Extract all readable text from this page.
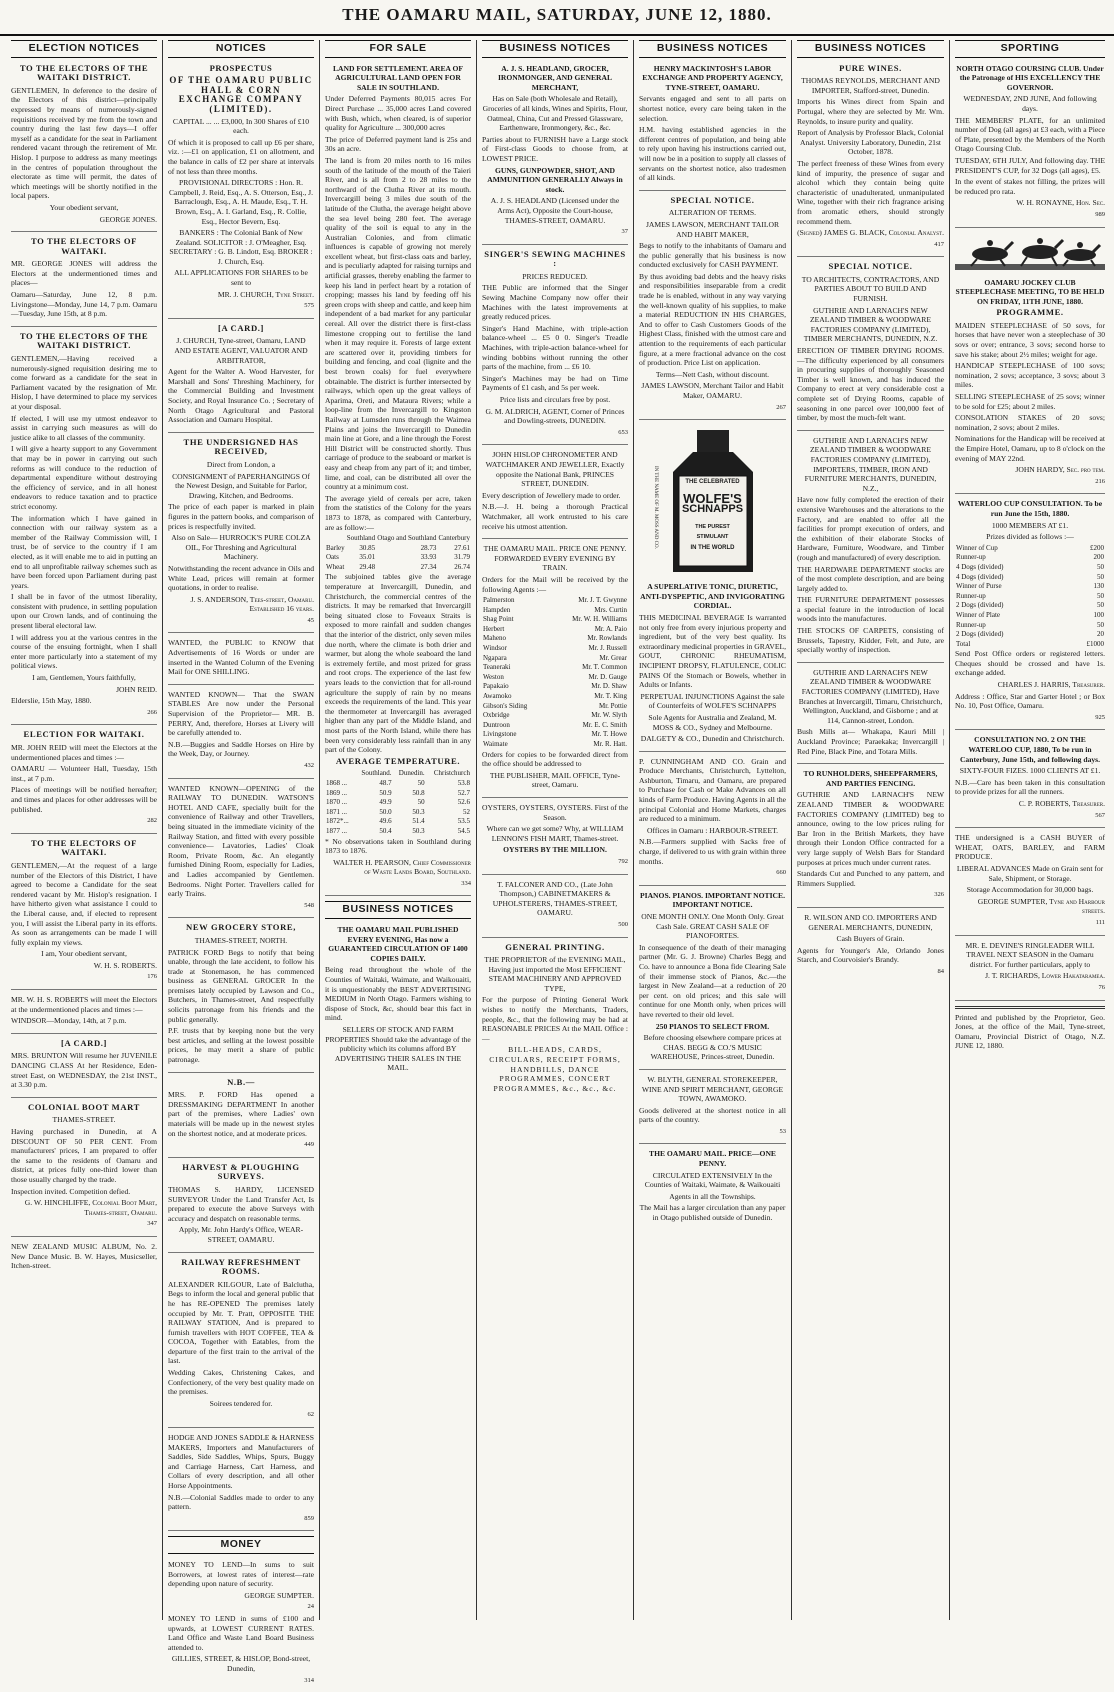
THE OAMARU MAIL, SATURDAY, JUNE 12, 1880.
ELECTION NOTICES
TO THE ELECTORS OF THE WAITAKI DISTRICT.

GENTLEMEN, In deference to the desire of the Electors of this district—principally expressed by means of numerously-signed requisitions received by me from the town and country during the last few days—I offer myself as a candidate for the seat in Parliament rendered vacant through the retirement of Mr. Hislop. I purpose to address as many meetings in the centres of population throughout the electorate as time will permit, the dates of which meetings will be shortly notified in the local papers.

Your obedient servant,

GEORGE JONES.

TO THE ELECTORS OF WAITAKI.

MR. GEORGE JONES will address the Electors at the undermentioned times and places—

Oamaru—Saturday, June 12, 8 p.m. Livingstone—Monday, June 14, 7 p.m. Oamaru—Tuesday, June 15th, at 8 p.m.

TO THE ELECTORS OF THE WAITAKI DISTRICT.

GENTLEMEN,—Having received a numerously-signed requisition desiring me to come forward as a candidate for the seat in Parliament vacated by the resignation of Mr. Hislop, I have determined to place my services at your disposal.

If elected, I will use my utmost endeavor to assist in carrying such measures as will do justice alike to all classes of the community.

I will give a hearty support to any Government that may be in power in carrying out such reforms as will conduce to the reduction of departmental expenditure without destroying the efficiency of service, and in all honest endeavors to reduce taxation and to practice strict economy.

The information which I have gained in connection with our railway system as a member of the Railway Commission will, I trust, be of service to the country if I am elected, as it will enable me to aid in putting an end to all unprofitable railway schemes such as have been forced upon Parliament during past years.

I shall be in favor of the utmost liberality, consistent with prudence, in settling population upon our Crown lands, and of continuing the present liberal electoral law.

I will address you at the various centres in the course of the ensuing fortnight, when I shall enter more particularly into a statement of my political views.

I am, Gentlemen, Yours faithfully,

JOHN REID.

Elderslie, 15th May, 1880.

266

ELECTION FOR WAITAKI.

MR. JOHN REID will meet the Electors at the undermentioned places and times :—

OAMARU — Volunteer Hall, Tuesday, 15th inst., at 7 p.m.

Places of meetings will be notified hereafter; and times and places for other addresses will be published.

282

TO THE ELECTORS OF WAITAKI.

GENTLEMEN,—At the request of a large number of the Electors of this District, I have agreed to become a Candidate for the seat rendered vacant by Mr. Hislop's resignation. I have hitherto given what assistance I could to the Liberal cause, and, if elected to represent you, I will assist the Liberal party in its efforts. As soon as arrangements can be made I will fully explain my views.

I am, Your obedient servant,

W. H. S. ROBERTS.

176

MR. W. H. S. ROBERTS will meet the Electors at the undermentioned places and times :—

WINDSOR—Monday, 14th, at 7 p.m.

[A CARD.]

MRS. BRUNTON Will resume her JUVENILE DANCING CLASS At her Residence, Eden-street East, on WEDNESDAY, the 21st INST., at 3.30 p.m.

COLONIAL BOOT MART

THAMES-STREET.

Having purchased in Dunedin, at A DISCOUNT OF 50 PER CENT. From manufacturers' prices, I am prepared to offer the same to the residents of Oamaru and district, at prices fully one-third lower than those usually charged by the trade.

Inspection invited. Competition defied.

G. W. HINCHLIFFE, Colonial Boot Mart, Thames-street, Oamaru.

347

NEW ZEALAND MUSIC ALBUM, No. 2. New Dance Music. B. W. Hayes, Musicseller, Itchen-street.

NOTICES
PROSPECTUS

OF THE OAMARU PUBLIC HALL & CORN EXCHANGE COMPANY (LIMITED).

CAPITAL ... ... £3,000, In 300 Shares of £10 each.

Of which it is proposed to call up £6 per share, viz. :—£1 on application, £1 on allotment, and the balance in calls of £2 per share at intervals of not less than three months.

PROVISIONAL DIRECTORS : Hon. R. Campbell, J. Reid, Esq., A. S. Otterson, Esq., J. Barraclough, Esq., A. H. Maude, Esq., T. H. Brown, Esq., A. I. Garland, Esq., R. Collie, Esq., Hector Bevern, Esq.

BANKERS : The Colonial Bank of New Zealand. SOLICITOR : J. O'Meagher, Esq. SECRETARY : G. B. Lindott, Esq. BROKER : J. Church, Esq.

ALL APPLICATIONS FOR SHARES to be sent to

MR. J. CHURCH, Tyne Street.

575

[A CARD.]

J. CHURCH, Tyne-street, Oamaru, LAND AND ESTATE AGENT, VALUATOR AND ARBITRATOR,

Agent for the Walter A. Wood Harvester, for Marshall and Sons' Threshing Machinery, for the Commercial Building and Investment Society, and Royal Insurance Co. ; Secretary of North Otago Agricultural and Pastoral Association and Oamaru Hospital.

THE UNDERSIGNED HAS RECEIVED,

Direct from London, a

CONSIGNMENT of PAPERHANGINGS Of the Newest Design, and Suitable for Parlor, Drawing, Kitchen, and Bedrooms.

The price of each paper is marked in plain figures in the pattern books, and comparison of prices is respectfully invited.

Also on Sale— HURROCK'S PURE COLZA OIL, For Threshing and Agricultural Machinery.

Notwithstanding the recent advance in Oils and White Lead, prices will remain at former quotations, in order to realise.

J. S. ANDERSON, Tees-street, Oamaru. Established 16 years.

45

WANTED, the PUBLIC to KNOW that Advertisements of 16 Words or under are inserted in the Wanted Column of the Evening Mail for ONE SHILLING.

WANTED KNOWN— That the SWAN STABLES Are now under the Personal Supervision of the Proprietor— MR. B. PERRY, And, therefore, Horses at Livery will be carefully attended to.

N.B.—Buggies and Saddle Horses on Hire by the Week, Day, or Journey.

432

WANTED KNOWN—OPENING of the RAILWAY TO DUNEDIN. WATSON'S HOTEL AND CAFE, specially built for the convenience of Railway and other Travellers, being situated in the immediate vicinity of the Railway Station, and fitted with every possible convenience— Lavatories, Ladies' Cloak Room, Private Room, &c. An elegantly furnished Dining Room, especially for Ladies, and Ladies accompanied by Gentlemen. Bedrooms. Night Porter. Travellers called for early Trains.

548

NEW GROCERY STORE,

THAMES-STREET, NORTH.

PATRICK FORD Begs to notify that being unable, through the late accident, to follow his trade at Stonemason, he has commenced business as GENERAL GROCER In the premises lately occupied by Lawson and Co., Butchers, in Thames-street, And respectfully solicits patronage from his friends and the public generally.

P.F. trusts that by keeping none but the very best articles, and selling at the lowest possible prices, he may merit a share of public patronage.

N.B.—

MRS. P. FORD Has opened a DRESSMAKING DEPARTMENT In another part of the premises, where Ladies' own materials will be made up in the newest styles on the shortest notice, and at moderate prices.

449

HARVEST & PLOUGHING SURVEYS.

THOMAS S. HARDY, LICENSED SURVEYOR Under the Land Transfer Act, Is prepared to execute the above Surveys with accuracy and despatch on reasonable terms.

Apply, Mr. John Hardy's Office, WEAR-STREET, OAMARU.

RAILWAY REFRESHMENT ROOMS.

ALEXANDER KILGOUR, Late of Balclutha, Begs to inform the local and general public that he has RE-OPENED The premises lately occupied by Mr. T. Pratt, OPPOSITE THE RAILWAY STATION, And is prepared to furnish travellers with HOT COFFEE, TEA & COCOA, Together with Eatables, from the departure of the first train to the arrival of the last.

Wedding Cakes, Christening Cakes, and Confectionery, of the very best quality made on the premises.

Soirees tendered for.

62

HODGE AND JONES SADDLE & HARNESS MAKERS, Importers and Manufacturers of Saddles, Side Saddles, Whips, Spurs, Buggy and Carriage Harness, Cart Harness, and Collars of every description, and all other Horse Appointments.

N.B.—Colonial Saddles made to order to any pattern.

859

MONEY

MONEY TO LEND—In sums to suit Borrowers, at lowest rates of interest—rate depending upon nature of security.

GEORGE SUMPTER.

24

MONEY TO LEND in sums of £100 and upwards, at LOWEST CURRENT RATES. Land Office and Waste Land Board Business attended to.

GILLIES, STREET, & HISLOP, Bond-street, Dunedin,

314

FOR SALE

LAND FOR SETTLEMENT. AREA OF AGRICULTURAL LAND OPEN FOR SALE IN SOUTHLAND.

Under Deferred Payments 80,015 acres For Direct Purchase ... 35,000 acres Land covered with Bush, which, when cleared, is of superior quality for Agriculture ... 300,000 acres

The price of Deferred payment land is 25s and 30s an acre.

The land is from 20 miles north to 16 miles south of the latitude of the mouth of the Taieri River, and is all from 2 to 28 miles to the northward of the Clutha River at its mouth. Invercargill being 3 miles due south of the latitude of the Clutha, the average height above the sea level being 280 feet. The average quality of the soil is equal to any in the Australian Colonies, and from climatic influences is capable of growing not merely excellent wheat, but first-class oats and barley, and is peculiarly adapted for raising turnips and artificial grasses, thereby enabling the farmer to keep his land in perfect heart by a rotation of cropping; masses his land by feeding off his green crops with sheep and cattle, and keep him independent of a bad market for any particular cereal. All over the district there is first-class limestone cropping out to fertilise the land when it may require it. Forests of large extent are scattered over it, providing timbers for building and fencing, and coal (lignite and the best brown coals) for fuel everywhere obtainable. The district is further intersected by railways, which open up the great valleys of Aparima, Oreti, and Mataura Rivers; while a loop-line from the Invercargill to Kingston Railway at Lumsden runs through the Waimea Plains and joins the Invercargill to Dunedin main line at Gore, and a line through the Forest Hill District will be constructed shortly. Thus carriage of produce to the seaboard or market is easy and cheap from any part of it; and timber, lime, and coal, can be distributed all over the country at a minimum cost.

The average yield of cereals per acre, taken from the statistics of the Colony for the years 1873 to 1878, as compared with Canterbury, are as follow:—

	Southland	Otago and Southland	Canterbury
Barley	30.85	28.73	27.61
Oats	35.01	33.93	31.79
Wheat	29.48	27.34	26.74

The subjoined tables give the average temperature at Invercargill, Dunedin, and Christchurch, the commercial centres of the districts. It may be remarked that Invercargill being situated close to Foveaux Straits is exposed to more rainfall and sudden changes that the interior of the district, only seven miles due north, where the climate is both drier and warmer, but along the whole seaboard the land is extremely fertile, and most prized for grass and root crops. The experience of the last few years leads to the conviction that for all-round agriculture the supply of rain by no means exceeds the requirements of the land. This year the thermometer at Invercargill has averaged higher than any part of the Middle Island, and most parts of the North Island, while there has been very considerably less rainfall than in any part of the Colony.

AVERAGE TEMPERATURE.
	Southland.	Dunedin.	Christchurch
1868 ...	48.7	50	53.8
1869 ...	50.9	50.8	52.7
1870 ...	49.9	50	52.6
1871 ...	50.0	50.3	52
1872*...	49.6	51.4	53.5
1877 ...	50.4	50.3	54.5

* No observations taken in Southland during 1873 to 1876.

WALTER H. PEARSON, Chief Commissioner of Waste Lands Board, Southland.

334

BUSINESS NOTICES

THE OAMARU MAIL PUBLISHED EVERY EVENING, Has now a GUARANTEED CIRCULATION OF 1400 COPIES DAILY.

Being read throughout the whole of the Counties of Waitaki, Waimate, and Waikouaiti, it is unquestionably the BEST ADVERTISING MEDIUM in North Otago. Farmers wishing to dispose of Stock, &c, should bear this fact in mind.

SELLERS OF STOCK AND FARM PROPERTIES Should take the advantage of the publicity which its columns afford BY ADVERTISING THEIR SALES IN THE MAIL.

BUSINESS NOTICES

A. J. S. HEADLAND, GROCER, IRONMONGER, AND GENERAL MERCHANT,

Has on Sale (both Wholesale and Retail), Groceries of all kinds, Wines and Spirits, Flour, Oatmeal, China, Cut and Pressed Glassware, Earthenware, Ironmongery, &c., &c.

Parties about to FURNISH have a Large stock of First-class Goods to choose from, at LOWEST PRICE.

GUNS, GUNPOWDER, SHOT, AND AMMUNITION GENERALLY Always in stock.

A. J. S. HEADLAND (Licensed under the Arms Act), Opposite the Court-house, THAMES-STREET, OAMARU.

37

SINGER'S SEWING MACHINES :

PRICES REDUCED.

THE Public are informed that the Singer Sewing Machine Company now offer their Machines with the latest improvements at greatly reduced prices.

Singer's Hand Machine, with triple-action balance-wheel ... £5 0 0. Singer's Treadle Machines, with triple-action balance-wheel for winding bobbins without running the other parts of the machine, from ... £6 10.

Singer's Machines may be had on Time Payments of £1 cash, and 5s per week.

Price lists and circulars free by post.

G. M. ALDRICH, AGENT, Corner of Princes and Dowling-streets, DUNEDIN.

653

JOHN HISLOP CHRONOMETER AND WATCHMAKER AND JEWELLER, Exactly opposite the National Bank, PRINCES STREET, DUNEDIN.

Every description of Jewellery made to order.

N.B.—J. H. being a thorough Practical Watchmaker, all work entrusted to his care receive his utmost attention.

THE OAMARU MAIL. PRICE ONE PENNY. FORWARDED EVERY EVENING BY TRAIN.

Orders for the Mail will be received by the following Agents :—

Palmerston	Mr. J. T. Gwynne
Hampden	Mrs. Curtin
Shag Point	Mr. W. H. Williams
Herbert	Mr. A. Paio
Maheno	Mr. Rowlands
Windsor	Mr. J. Russell
Ngapara	Mr. Grear
Teaneraki	Mr. T. Common
Weston	Mr. D. Gauge
Papakaio	Mr. D. Shaw
Awamoko	Mr. T. King
Gibson's Siding	Mr. Pottie
Oxbridge	Mr. W. Slyth
Duntroon	Mr. E. C. Smith
Livingstone	Mr. T. Howe
Waimate	Mr. R. Hatt.

Orders for copies to be forwarded direct from the office should be addressed to

THE PUBLISHER, MAIL OFFICE, Tyne-street, Oamaru.

OYSTERS, OYSTERS, OYSTERS. First of the Season.

Where can we get some? Why, at WILLIAM LENNON'S FISH MART, Thames-street.

OYSTERS BY THE MILLION.

792

T. FALCONER AND CO., (Late John Thompson,) CABINETMAKERS & UPHOLSTERERS, THAMES-STREET, OAMARU.

500

GENERAL PRINTING.

THE PROPRIETOR of the EVENING MAIL, Having just imported the Most EFFICIENT STEAM MACHINERY AND APPROVED TYPE,

For the purpose of Printing General Work wishes to notify the Merchants, Traders, people, &c., that the following may be had at REASONABLE PRICES At the MAIL Office :—

BILL-HEADS, CARDS, CIRCULARS, RECEIPT FORMS, HANDBILLS, DANCE PROGRAMMES, CONCERT PROGRAMMES, &c., &c., &c.

BUSINESS NOTICES

HENRY MACKINTOSH'S LABOR EXCHANGE AND PROPERTY AGENCY, TYNE-STREET, OAMARU.

Servants engaged and sent to all parts on shortest notice, every care being taken in the selection.

H.M. having established agencies in the different centres of population, and being able to rely upon having his instructions carried out, will now be in a position to supply all classes of servants on the shortest notice, also tradesmen of all kinds.

SPECIAL NOTICE.

ALTERATION OF TERMS.

JAMES LAWSON, MERCHANT TAILOR AND HABIT MAKER,

Begs to notify to the inhabitants of Oamaru and the public generally that his business is now conducted exclusively for CASH PAYMENT.

By thus avoiding bad debts and the heavy risks and responsibilities inseparable from a credit trade he is enabled, without in any way varying the well-known quality of his supplies, to make a material REDUCTION IN HIS CHARGES, And to offer to Cash Customers Goods of the Highest Class, finished with the utmost care and attention to the requirements of each particular figure, at a mere fractional advance on the cost of production. Price List on application.

Terms—Nett Cash, without discount.

JAMES LAWSON, Merchant Tailor and Habit Maker, OAMARU.

267

THE CELEBRATED
WOLFE'S
SCHNAPPS
THE PUREST STIMULANT
IN THE WORLD
IN THE NAME OF M. MOSS AND CO.

A SUPERLATIVE TONIC, DIURETIC, ANTI-DYSPEPTIC, AND INVIGORATING CORDIAL.

THIS MEDICINAL BEVERAGE Is warranted not only free from every injurious property and ingredient, but of the very best quality. Its extraordinary medicinal properties in GRAVEL, GOUT, CHRONIC RHEUMATISM, INCIPIENT DROPSY, FLATULENCE, COLIC PAINS Of the Stomach or Bowels, whether in Adults or Infants.

PERPETUAL INJUNCTIONS Against the sale of Counterfeits of WOLFE'S SCHNAPPS

Sole Agents for Australia and Zealand, M. MOSS & CO., Sydney and Melbourne.

DALGETY & CO., Dunedin and Christchurch.

P. CUNNINGHAM AND CO. Grain and Produce Merchants, Christchurch, Lyttelton, Ashburton, Timaru, and Oamaru, are prepared to Purchase for Cash or Make Advances on all kinds of Farm Produce. Having Agents in all the principal Colonial and Home Markets, charges are reduced to a minimum.

Offices in Oamaru : HARBOUR-STREET.

N.B.—Farmers supplied with Sacks free of charge, if delivered to us with grain within three months.

660

PIANOS. PIANOS. IMPORTANT NOTICE. IMPORTANT NOTICE.

ONE MONTH ONLY. One Month Only. Great Cash Sale. GREAT CASH SALE OF PIANOFORTES.

In consequence of the death of their managing partner (Mr. G. J. Browne) Charles Begg and Co. have to announce a Bona fide Clearing Sale of their immense stock of Pianos, &c.—the largest in New Zealand—at a reduction of 20 per cent. on old prices; and this sale will continue for one Month only, when prices will have reverted to their old level.

250 PIANOS TO SELECT FROM.

Before choosing elsewhere compare prices at CHAS. BEGG & CO.'S MUSIC WAREHOUSE, Princes-street, Dunedin.

W. BLYTH, GENERAL STOREKEEPER, WINE AND SPIRIT MERCHANT, GEORGE TOWN, AWAMOKO.

Goods delivered at the shortest notice in all parts of the country.

53

THE OAMARU MAIL. PRICE—ONE PENNY.

CIRCULATED EXTENSIVELY In the Counties of Waitaki, Waimate, & Waikouaiti

Agents in all the Townships.

The Mail has a larger circulation than any paper in Otago published outside of Dunedin.

BUSINESS NOTICES
PURE WINES.

THOMAS REYNOLDS, MERCHANT AND IMPORTER, Stafford-street, Dunedin.

Imports his Wines direct from Spain and Portugal, where they are selected by Mr. Wm. Reynolds, to insure purity and quality.

Report of Analysis by Professor Black, Colonial Analyst. University Laboratory, Dunedin, 21st October, 1878.

The perfect freeness of these Wines from every kind of impurity, the presence of sugar and alcohol which they contain being quite characteristic of unadulterated, unmanipulated Wine, together with their rich fragrance arising from aromatic ethers, should strongly recommend them.

(Signed) JAMES G. BLACK, Colonial Analyst.

417

SPECIAL NOTICE.

TO ARCHITECTS, CONTRACTORS, AND PARTIES ABOUT TO BUILD AND FURNISH.

GUTHRIE AND LARNACH'S NEW ZEALAND TIMBER & WOODWARE FACTORIES COMPANY (LIMITED), TIMBER MERCHANTS, DUNEDIN, N.Z.

ERECTION OF TIMBER DRYING ROOMS.—The difficulty experienced by all consumers in procuring supplies of thoroughly Seasoned Timber is well known, and has induced the Company to erect at very considerable cost a complete set of Drying Rooms, capable of seasoning in one parcel over 100,000 feet of timber, by most the much-felt want.

GUTHRIE AND LARNACH'S NEW ZEALAND TIMBER & WOODWARE FACTORIES COMPANY (LIMITED), IMPORTERS, TIMBER, IRON AND FURNITURE MERCHANTS, DUNEDIN, N.Z.,

Have now fully completed the erection of their extensive Warehouses and the alterations to the Factory, and are enabled to offer all the facilities for prompt execution of orders, and the exhibition of their elaborate Stocks of Hardware, Furniture, Woodware, and Timber (rough and manufactured) of every description.

THE HARDWARE DEPARTMENT stocks are of the most complete description, and are being largely added to.

THE FURNITURE DEPARTMENT possesses a special feature in the introduction of local woods into the manufactures.

THE STOCKS OF CARPETS, consisting of Brussels, Tapestry, Kidder, Felt, and Jute, are specially worthy of inspection.

GUTHRIE AND LARNACH'S NEW ZEALAND TIMBER & WOODWARE FACTORIES COMPANY (LIMITED), Have Branches at Invercargill, Timaru, Christchurch, Wellington, Auckland, and Gisborne ; and at 114, Cannon-street, London.

Bush Mills at— Whakapa, Kauri Mill | Auckland Province; Paraekaka; Invercargill | Red Pine, Black Pine, and Totara Mills.

TO RUNHOLDERS, SHEEPFARMERS, AND PARTIES FENCING.

GUTHRIE AND LARNACH'S NEW ZEALAND TIMBER & WOODWARE FACTORIES COMPANY (LIMITED) beg to announce, owing to the low prices ruling for Bar Iron in the British Markets, they have through their London Office contracted for a very large supply of Welsh Bars for Standard purposes at prices much under current rates.

Standards Cut and Punched to any pattern, and Rimmers Supplied.

326

R. WILSON AND CO. IMPORTERS AND GENERAL MERCHANTS, DUNEDIN,

Cash Buyers of Grain.

Agents for Younger's Ale, Orlando Jones Starch, and Courvoisier's Brandy.

84

SPORTING

NORTH OTAGO COURSING CLUB. Under the Patronage of HIS EXCELLENCY THE GOVERNOR.

WEDNESDAY, 2ND JUNE, And following days.

THE MEMBERS' PLATE, for an unlimited number of Dog (all ages) at £3 each, with a Piece of Plate, presented by the Members of the North Otago Coursing Club.

TUESDAY, 6TH JULY, And following day. THE PRESIDENT'S CUP, for 32 Dogs (all ages), £5.

In the event of stakes not filling, the prizes will be reduced pro rata.

W. H. RONAYNE, Hon. Sec.

989

OAMARU JOCKEY CLUB STEEPLECHASE MEETING, TO BE HELD ON FRIDAY, 11TH JUNE, 1880.

PROGRAMME.

MAIDEN STEEPLECHASE of 50 sovs, for horses that have never won a steeplechase of 30 sovs or over; entrance, 3 sovs; second horse to save his stake; about 2½ miles; weight for age.

HANDICAP STEEPLECHASE of 100 sovs; nomination, 2 sovs; acceptance, 3 sovs; about 3 miles.

SELLING STEEPLECHASE of 25 sovs; winner to be sold for £25; about 2 miles.

CONSOLATION STAKES of 20 sovs; nomination, 2 sovs; about 2 miles.

Nominations for the Handicap will be received at the Empire Hotel, Oamaru, up to 8 o'clock on the evening of MAY 22nd.

JOHN HARDY, Sec. pro tem.

216

WATERLOO CUP CONSULTATION. To be run June the 15th, 1880.

1000 MEMBERS AT £1.

Prizes divided as follows :—

Winner of Cup	£200
Runner-up	200
4 Dogs (divided)	50
4 Dogs (divided)	50
Winner of Purse	130
Runner-up	50
2 Dogs (divided)	50
Winner of Plate	100
Runner-up	50
2 Dogs (divided)	20
Total	£1000

Send Post Office orders or registered letters. Cheques should be crossed and have 1s. exchange added.

CHARLES J. HARRIS, Treasurer.

Address : Office, Star and Garter Hotel ; or Box No. 10, Post Office, Oamaru.

925

CONSULTATION NO. 2 ON THE WATERLOO CUP, 1880, To be run in Canterbury, June 15th, and following days.

SIXTY-FOUR FIZES. 1000 CLIENTS AT £1.

N.B.—Care has been taken in this consultation to provide prizes for all the runners.

C. P. ROBERTS, Treasurer.

567

THE undersigned is a CASH BUYER of WHEAT, OATS, BARLEY, and FARM PRODUCE.

LIBERAL ADVANCES Made on Grain sent for Sale, Shipment, or Storage.

Storage Accommodation for 30,000 bags.

GEORGE SUMPTER, Tyne and Harbour streets.

111

MR. E. DEVINE'S RINGLEADER WILL TRAVEL NEXT SEASON in the Oamaru district. For further particulars, apply to

J. T. RICHARDS, Lower Hakataramea.

76

Printed and published by the Proprietor, Geo. Jones, at the office of the Mail, Tyne-street, Oamaru, Provincial District of Otago, N.Z. JUNE 12, 1880.
